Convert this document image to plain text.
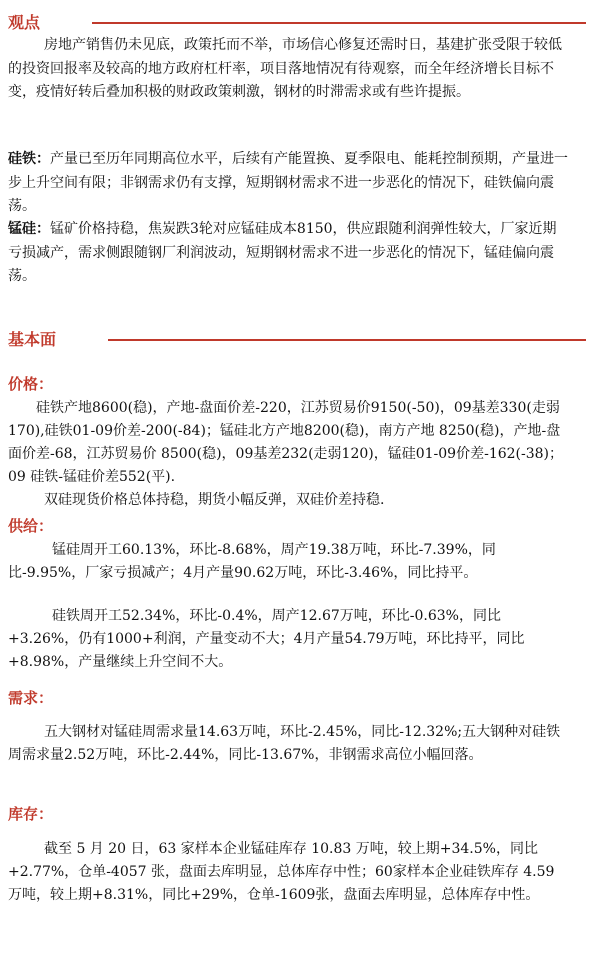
观点

房地产销售仍未见底，政策托而不举，市场信心修复还需时日，基建扩张受限于较低的投资回报率及较高的地方政府杠杆率，项目落地情况有待观察，而全年经济增长目标不变，疫情好转后叠加积极的财政政策刺激，钢材的时滞需求或有些许提振。

硅铁：产量已至历年同期高位水平，后续有产能置换、夏季限电、能耗控制预期，产量进一步上升空间有限；非钢需求仍有支撑，短期钢材需求不进一步恶化的情况下，硅铁偏向震荡。

锰硅：锰矿价格持稳，焦炭跌3轮对应锰硅成本8150，供应跟随利润弹性较大，厂家近期亏损减产，需求侧跟随钢厂利润波动，短期钢材需求不进一步恶化的情况下，锰硅偏向震荡。

基本面
价格：

硅铁产地8600(稳)，产地-盘面价差-220，江苏贸易价9150(-50)，09基差330(走弱170),硅铁01-09价差-200(-84)；锰硅北方产地8200(稳)，南方产地 8250(稳)，产地-盘面价差-68，江苏贸易价 8500(稳)，09基差232(走弱120)，锰硅01-09价差-162(-38)；09 硅铁-锰硅价差552(平).

双硅现货价格总体持稳，期货小幅反弹，双硅价差持稳.

供给：

锰硅周开工60.13%，环比-8.68%，周产19.38万吨，环比-7.39%，同比-9.95%，厂家亏损减产；4月产量90.62万吨，环比-3.46%，同比持平。

硅铁周开工52.34%，环比-0.4%，周产12.67万吨，环比-0.63%，同比+3.26%，仍有1000+利润，产量变动不大；4月产量54.79万吨，环比持平，同比+8.98%，产量继续上升空间不大。

需求：

五大钢材对锰硅周需求量14.63万吨，环比-2.45%，同比-12.32%;五大钢种对硅铁周需求量2.52万吨，环比-2.44%，同比-13.67%，非钢需求高位小幅回落。

库存：

截至 5 月 20 日，63 家样本企业锰硅库存 10.83 万吨，较上期+34.5%，同比+2.77%，仓单-4057 张，盘面去库明显，总体库存中性；60家样本企业硅铁库存 4.59 万吨，较上期+8.31%，同比+29%，仓单-1609张，盘面去库明显，总体库存中性。
